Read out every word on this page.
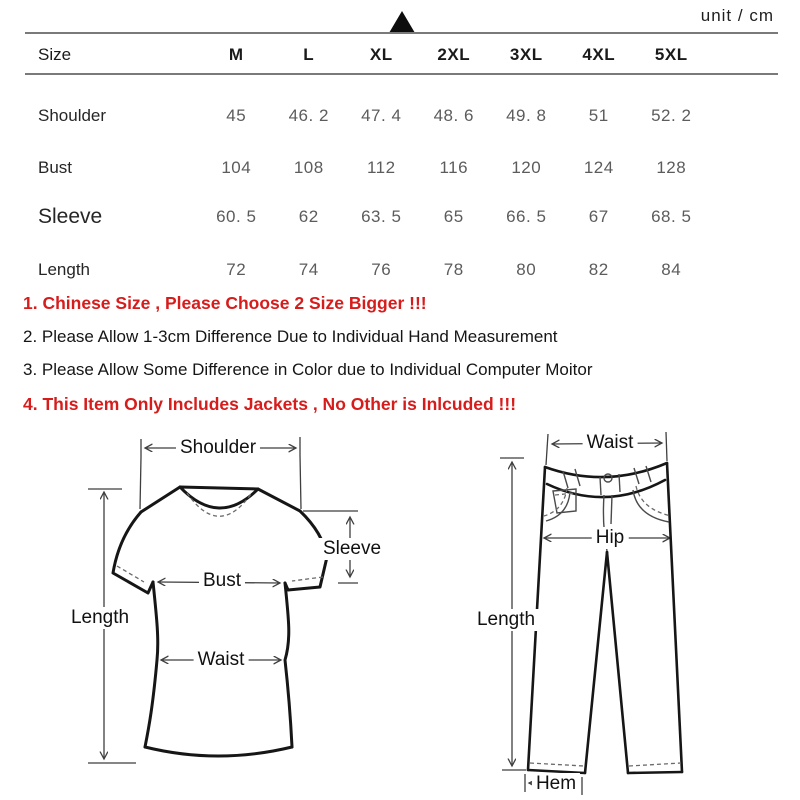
unit / cm
Size	M	L	XL	2XL	3XL	4XL	5XL
Shoulder	45	46. 2	47. 4	48. 6	49. 8	51	52. 2
Bust	104	108	112	116	120	124	128
Sleeve	60. 5	62	63. 5	65	66. 5	67	68. 5
Length	72	74	76	78	80	82	84
1. Chinese Size , Please Choose 2 Size Bigger !!!
2. Please Allow 1-3cm Difference Due to Individual Hand Measurement
3. Please Allow Some Difference in Color due to Individual Computer Moitor
4. This Item Only Includes Jackets , No Other is Inlcuded !!!
Shoulder
Sleeve
Bust
Waist
Length
Waist
Hip
Length
Hem
